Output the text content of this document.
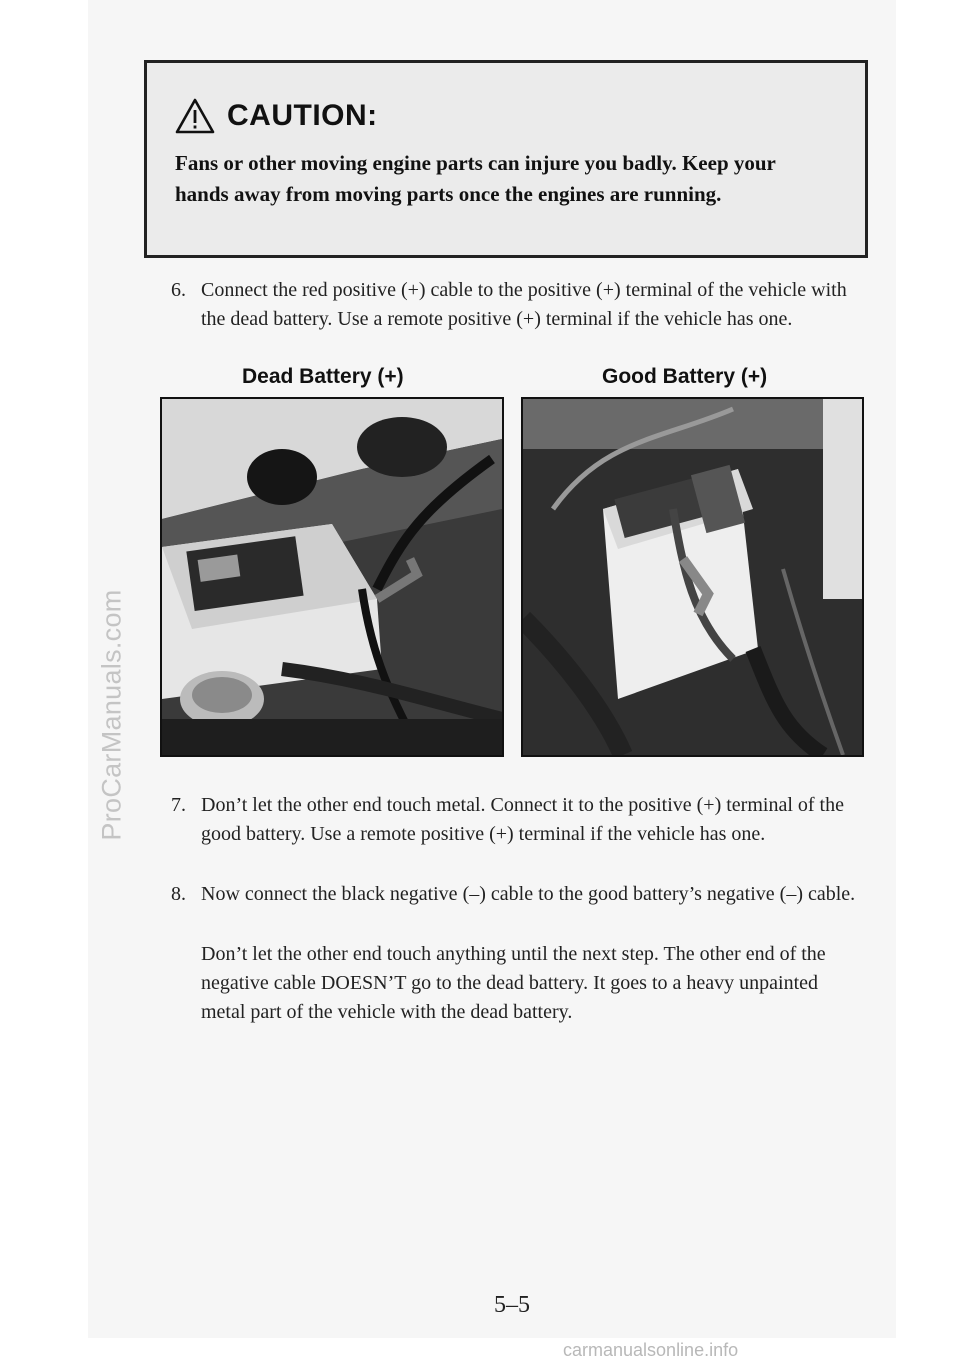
ProCarManuals.com
CAUTION:
Fans or other moving engine parts can injure you badly. Keep your hands away from moving parts once the engines are running.
6. Connect the red positive (+) cable to the positive (+) terminal of the vehicle with the dead battery. Use a remote positive (+) terminal if the vehicle has one.
Dead Battery (+)	Good Battery (+)
7. Don’t let the other end touch metal. Connect it to the positive (+) terminal of the good battery. Use a remote positive (+) terminal if the vehicle has one.
8. Now connect the black negative (–) cable to the good battery’s negative (–) cable.
Don’t let the other end touch anything until the next step. The other end of the negative cable DOESN’T go to the dead battery. It goes to a heavy unpainted metal part of the vehicle with the dead battery.
5–5
carmanualsonline.info
